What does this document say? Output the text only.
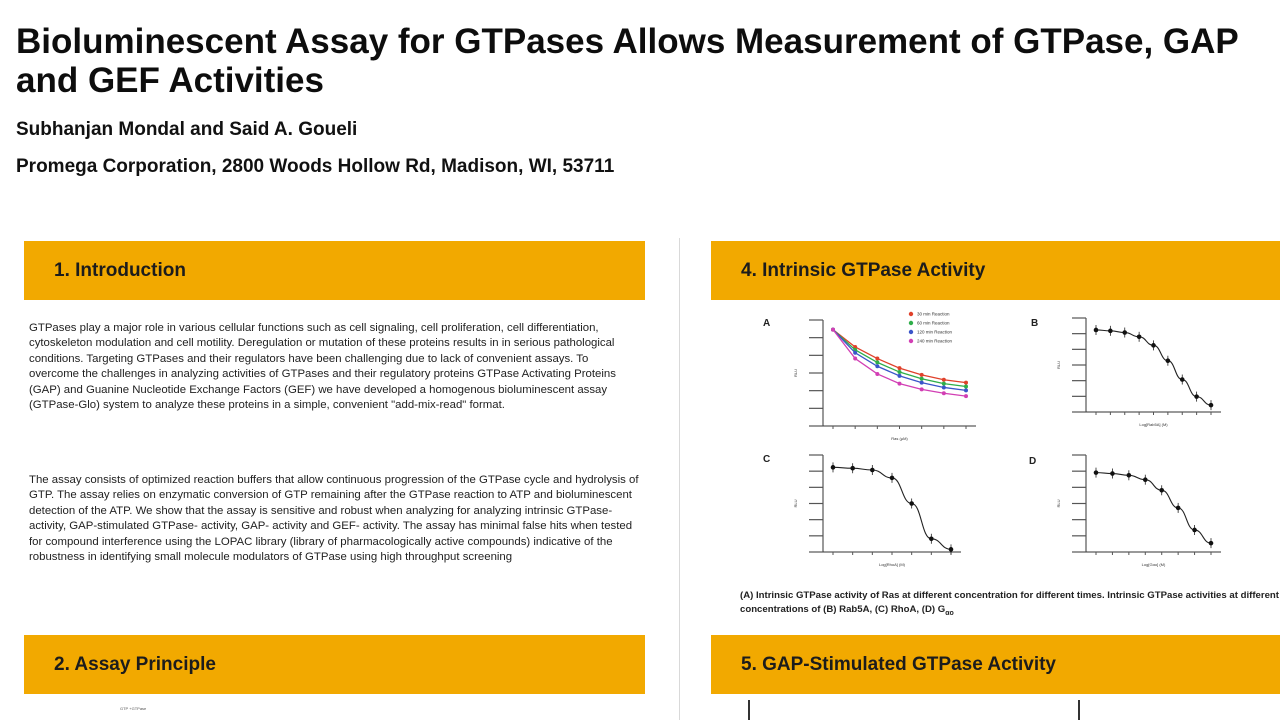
Bioluminescent Assay for GTPases Allows Measurement of GTPase, GAP
and GEF Activities

Subhanjan Mondal and Said A. Goueli

Promega Corporation, 2800 Woods Hollow Rd, Madison, WI, 53711

1. Introduction

GTPases play a major role in various cellular functions such as cell signaling, cell proliferation, cell differentiation, cytoskeleton modulation and cell motility. Deregulation or mutation of these proteins results in in serious pathological conditions. Targeting GTPases and their regulators have been challenging due to lack of convenient assays. To overcome the challenges in analyzing activities of GTPases and their regulatory proteins GTPase Activating Proteins (GAP) and Guanine Nucleotide Exchange Factors (GEF) we have developed a homogenous bioluminescent assay (GTPase-Glo) system to analyze these proteins in a simple, convenient "add-mix-read" format.

The assay consists of optimized reaction buffers that allow continuous progression of the GTPase cycle and hydrolysis of GTP. The assay relies on enzymatic conversion of GTP remaining after the GTPase reaction to ATP and bioluminescent detection of the ATP. We show that the assay is sensitive and robust when analyzing for analyzing intrinsic GTPase- activity, GAP-stimulated GTPase- activity, GAP- activity and GEF- activity. The assay has minimal false hits when tested for compound interference using the LOPAC library (library of pharmacologically active compounds) indicative of the robustness in identifying small molecule modulators of GTPase using high throughput screening

2. Assay Principle
GTP +GTPase
4. Intrinsic GTPase Activity
A
Ras (µM)
RLU
30 min Reaction
60 min Reaction
120 min Reaction
240 min Reaction
B
Log[Rab5A] (M)
RLU
C
Log[RhoA] (M)
RLU
D
Log[Gαo] (M)
RLU

(A) Intrinsic GTPase activity of Ras at different concentration for different times. Intrinsic GTPase activities at different concentrations of (B) Rab5A, (C) RhoA, (D) $G_{\alpha o}$

5. GAP-Stimulated GTPase Activity
